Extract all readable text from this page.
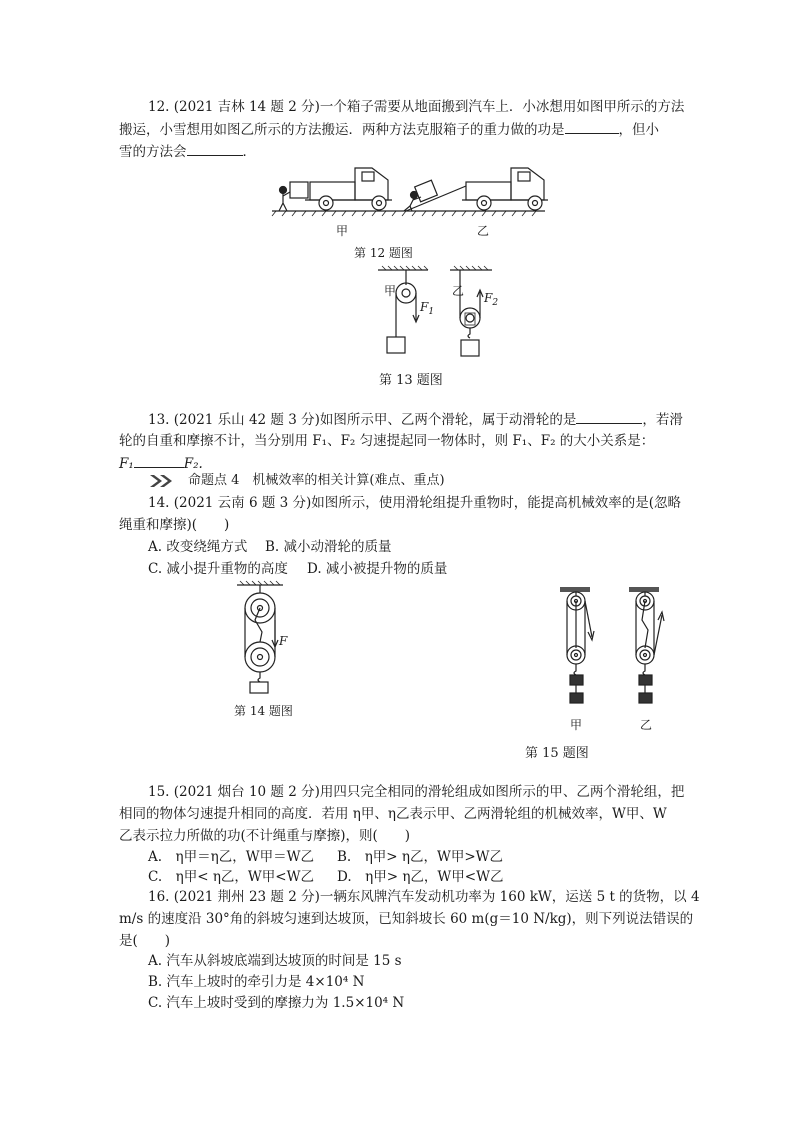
12. (2021 吉林 14 题 2 分)一个箱子需要从地面搬到汽车上．小冰想用如图甲所示的方法
搬运，小雪想用如图乙所示的方法搬运．两种方法克服箱子的重力做的功是	，但小
雪的方法会	．
甲	乙
第 12 题图
甲	乙
$F_1$
$F_2$
第 13 题图
13. (2021 乐山 42 题 3 分)如图所示甲、乙两个滑轮，属于动滑轮的是	，若滑
轮的自重和摩擦不计，当分别用 F₁、F₂ 匀速提起同一物体时，则 F₁、F₂ 的大小关系是：
F₁	F₂.
命题点 4　机械效率的相关计算(难点、重点)
14. (2021 云南 6 题 3 分)如图所示，使用滑轮组提升重物时，能提高机械效率的是(忽略
绳重和摩擦)(　　)
A. 改变绕绳方式 B. 减小动滑轮的质量
C. 减小提升重物的高度 D. 减小被提升物的质量
F
第 14 题图
甲	乙
第 15 题图
15. (2021 烟台 10 题 2 分)用四只完全相同的滑轮组成如图所示的甲、乙两个滑轮组，把
相同的物体匀速提升相同的高度．若用 η甲、η乙表示甲、乙两滑轮组的机械效率，W甲、W
乙表示拉力所做的功(不计绳重与摩擦)，则(　　)
A.　η甲＝η乙，W甲＝W乙 B.　η甲> η乙，W甲>W乙
C.　η甲< η乙，W甲<W乙 D.　η甲> η乙，W甲<W乙
16. (2021 荆州 23 题 2 分)一辆东风牌汽车发动机功率为 160 kW，运送 5 t 的货物，以 4
m/s 的速度沿 30°角的斜坡匀速到达坡顶，已知斜坡长 60 m(g＝10 N/kg)，则下列说法错误的
是(　　)
A. 汽车从斜坡底端到达坡顶的时间是 15 s
B. 汽车上坡时的牵引力是 4×10⁴ N
C. 汽车上坡时受到的摩擦力为 1.5×10⁴ N
